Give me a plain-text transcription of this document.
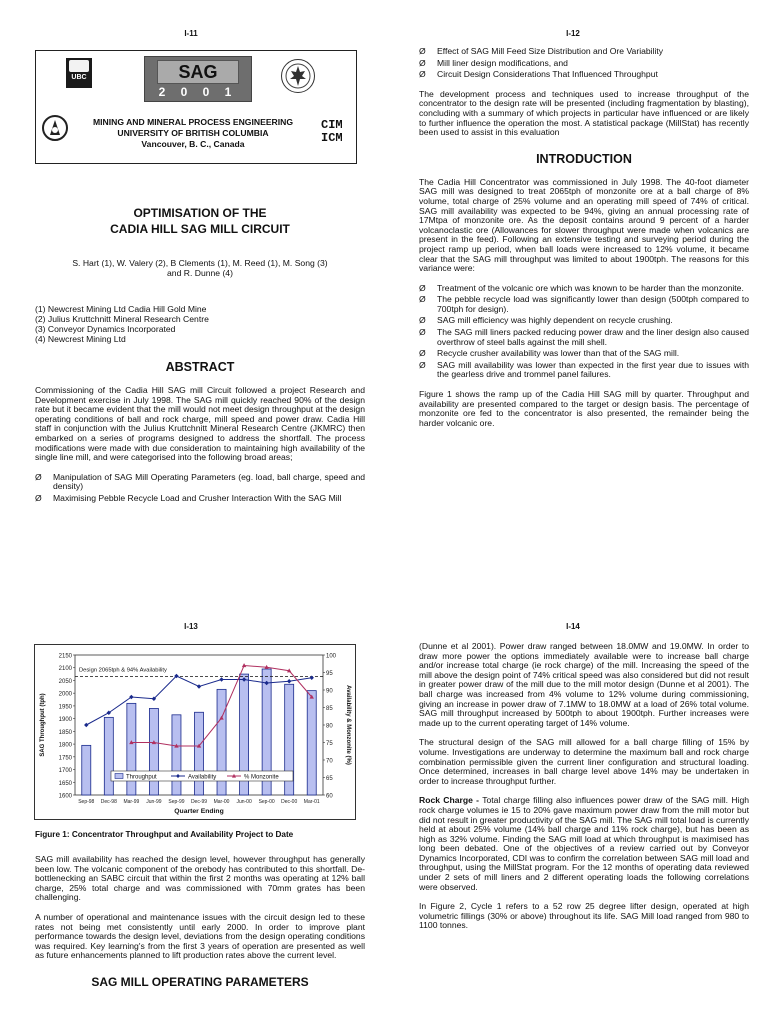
I-11
UBC	SAG
2 0 0 1
MINING AND MINERAL PROCESS ENGINEERING
UNIVERSITY OF BRITISH COLUMBIA
Vancouver, B. C., Canada
CIM
ICM
OPTIMISATION OF THE
CADIA HILL SAG MILL CIRCUIT
S. Hart (1), W. Valery (2), B Clements (1), M. Reed (1), M. Song (3)
and R. Dunne (4)
(1) Newcrest Mining Ltd Cadia Hill Gold Mine
(2) Julius Kruttchnitt Mineral Research Centre
(3) Conveyor Dynamics Incorporated
(4) Newcrest Mining Ltd
ABSTRACT

Commissioning of the Cadia Hill SAG mill Circuit followed a project Research and Development exercise in July 1998. The SAG mill quickly reached 90% of the design rate but it became evident that the mill would not meet design throughput at the design operating conditions of ball and rock charge, mill speed and power draw. Cadia Hill staff in conjunction with the Julius Kruttchnitt Mineral Research Centre (JKMRC) then embarked on a series of programs designed to address the shortfall. The process modifications were made with due consideration to maintaining high availability of the single line mill, and were categorised into the following broad areas;

Ø Manipulation of SAG Mill Operating Parameters (eg. load, ball charge, speed and density)
Ø Maximising Pebble Recycle Load and Crusher Interaction With the SAG Mill
I-12
Ø Effect of SAG Mill Feed Size Distribution and Ore Variability
Ø Mill liner design modifications, and
Ø Circuit Design Considerations That Influenced Throughput

The development process and techniques used to increase throughput of the concentrator to the design rate will be presented (including fragmentation by blasting), concluding with a summary of which projects in particular have influenced or are likely to further influence the operation the most. A statistical package (MillStat) has recently been used to assist in this evaluation

INTRODUCTION

The Cadia Hill Concentrator was commissioned in July 1998. The 40-foot diameter SAG mill was designed to treat 2065tph of monzonite ore at a ball charge of 8% volume, total charge of 25% volume and an operating mill speed of 74% of critical. SAG mill availability was expected to be 94%, giving an annual processing rate of 17Mtpa of monzonite ore. As the deposit contains around 9 percent of a harder volcanoclastic ore (Allowances for slower throughput were made when volcanics are present in the feed). Following an extensive testing and surveying period during the project ramp up period, when ball loads were increased to 12% volume, it became clear that the SAG mill throughput was limited to about 1900tph. The reasons for this variance were:

Ø Treatment of the volcanic ore which was known to be harder than the monzonite.
Ø The pebble recycle load was significantly lower than design (500tph compared to 700tph for design).
Ø SAG mill efficiency was highly dependent on recycle crushing.
Ø The SAG mill liners packed reducing power draw and the liner design also caused overthrow of steel balls against the mill shell.
Ø Recycle crusher availability was lower than that of the SAG mill.
Ø SAG mill availability was lower than expected in the first year due to issues with the gearless drive and trommel panel failures.

Figure 1 shows the ramp up of the Cadia Hill SAG mill by quarter. Throughput and availability are presented compared to the target or design basis. The percentage of monzonite ore fed to the concentrator is also presented, the remainder being the harder volcanic ore.

I-13
1600
1650
1700
1750
1800
1850
1900
1950
2000
2050
2100
2150
60
65
70
75
80
85
90
95
100
Design 2065tph & 94% Availability
Sep-98 Dec-98 Mar-99 Jun-99 Sep-99 Dec-99 Mar-00 Jun-00 Sep-00 Dec-00 Mar-01
Quarter Ending
SAG Throughput (tph)	Availability & Monzonite (%)
Throughput	Availability	% Monzonite
Figure 1: Concentrator Throughput and Availability Project to Date

SAG mill availability has reached the design level, however throughput has generally been low. The volcanic component of the orebody has contributed to this shortfall. De-bottlenecking an SABC circuit that within the first 2 months was operating at 12% ball charge, 25% total charge and was commissioned with 70mm grates has been challenging.

A number of operational and maintenance issues with the circuit design led to these rates not being met consistently until early 2000. In order to improve plant performance towards the design level, deviations from the design operating conditions was required. Key learning's from the first 3 years of operation are presented as well as future enhancements planned to lift production rates above the current level.

SAG MILL OPERATING PARAMETERS
I-14

(Dunne et al 2001). Power draw ranged between 18.0MW and 19.0MW. In order to draw more power the options immediately available were to increase ball charge and/or increase total charge (ie rock charge) of the mill. Increasing the speed of the mill above the design point of 74% critical speed was also considered but did not result in greater power draw of the mill due to the mill motor design (Dunne et al 2001). The ball charge was increased from 4% volume to 12% volume during commissioning, giving an increase in power draw of 7.1MW to 18.0MW at a load of 26% total volume. SAG mill throughput increased by 500tph to about 1900tph. Further increases were made up to the current operating target of 14% volume.

The structural design of the SAG mill allowed for a ball charge filling of 15% by volume. Investigations are underway to determine the maximum ball and rock charge combination permissible given the current liner configuration and structural loading. Once determined, increases in ball charge level above 14% may be undertaken in order to increase throughput further.

Rock Charge - Total charge filling also influences power draw of the SAG mill. High rock charge volumes ie 15 to 20% gave maximum power draw from the mill motor but did not result in greater productivity of the SAG mill. The SAG mill total load is currently held at about 25% volume (14% ball charge and 11% rock charge), but has been as high as 32% volume. Finding the SAG mill load at which throughput is maximised has long been debated. One of the objectives of a review carried out by Conveyor Dynamics Incorporated, CDI was to confirm the correlation between SAG mill load and throughput, using the MillStat program. For the 12 months of operating data reviewed under 2 sets of mill liners and 2 different operating loads the following correlations were observed.

In Figure 2, Cycle 1 refers to a 52 row 25 degree lifter design, operated at high volumetric fillings (30% or above) throughout its life. SAG Mill load ranged from 980 to 1100 tonnes.
